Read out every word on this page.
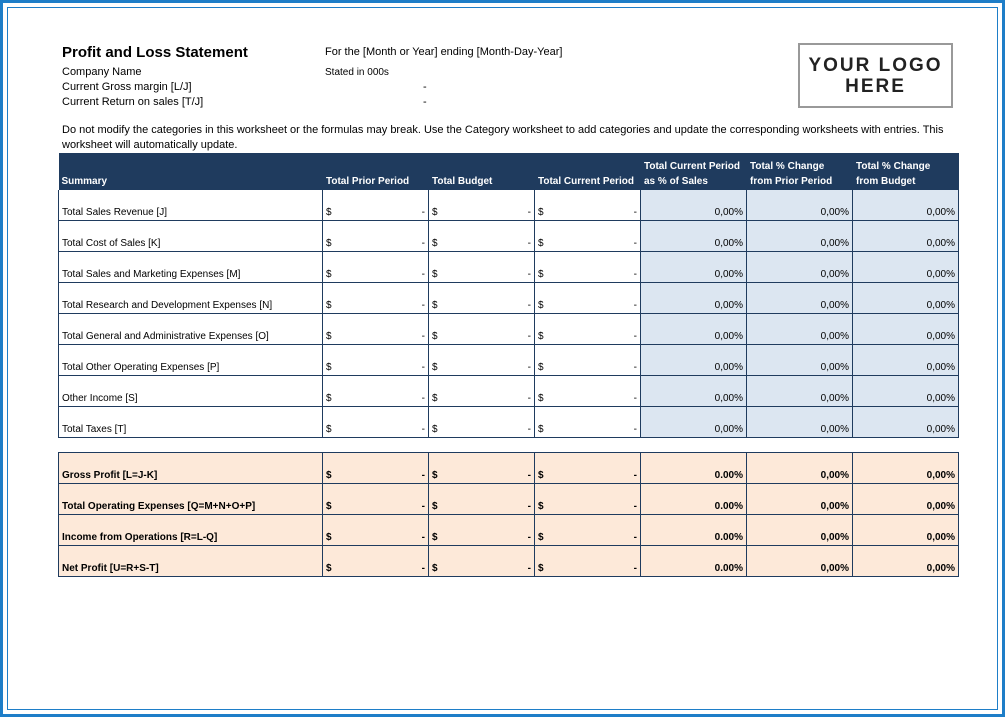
Profit and Loss Statement	For the [Month or Year] ending [Month-Day-Year]
Company Name	Stated in 000s
Current Gross margin [L/J]	-
Current Return on sales [T/J]	-
YOUR LOGO HERE
Do not modify the categories in this worksheet or the formulas may break. Use the Category worksheet to add categories and update the corresponding worksheets with entries. This worksheet will automatically update.
Summary	Total Prior Period	Total Budget	Total Current Period	Total Current Period as % of Sales	Total % Change from Prior Period	Total % Change from Budget
Total Sales Revenue [J]	$ -	$ -	$ -	0,00%	0,00%	0,00%
Total Cost of Sales [K]	$ -	$ -	$ -	0,00%	0,00%	0,00%
Total Sales and Marketing Expenses [M]	$ -	$ -	$ -	0,00%	0,00%	0,00%
Total Research and Development Expenses [N]	$ -	$ -	$ -	0,00%	0,00%	0,00%
Total General and Administrative Expenses [O]	$ -	$ -	$ -	0,00%	0,00%	0,00%
Total Other Operating Expenses [P]	$ -	$ -	$ -	0,00%	0,00%	0,00%
Other Income [S]	$ -	$ -	$ -	0,00%	0,00%	0,00%
Total Taxes [T]	$ -	$ -	$ -	0,00%	0,00%	0,00%
Gross Profit [L=J-K]	$ -	$ -	$ -	0.00%	0,00%	0,00%
Total Operating Expenses [Q=M+N+O+P]	$ -	$ -	$ -	0.00%	0,00%	0,00%
Income from Operations [R=L-Q]	$ -	$ -	$ -	0.00%	0,00%	0,00%
Net Profit [U=R+S-T]	$ -	$ -	$ -	0.00%	0,00%	0,00%
